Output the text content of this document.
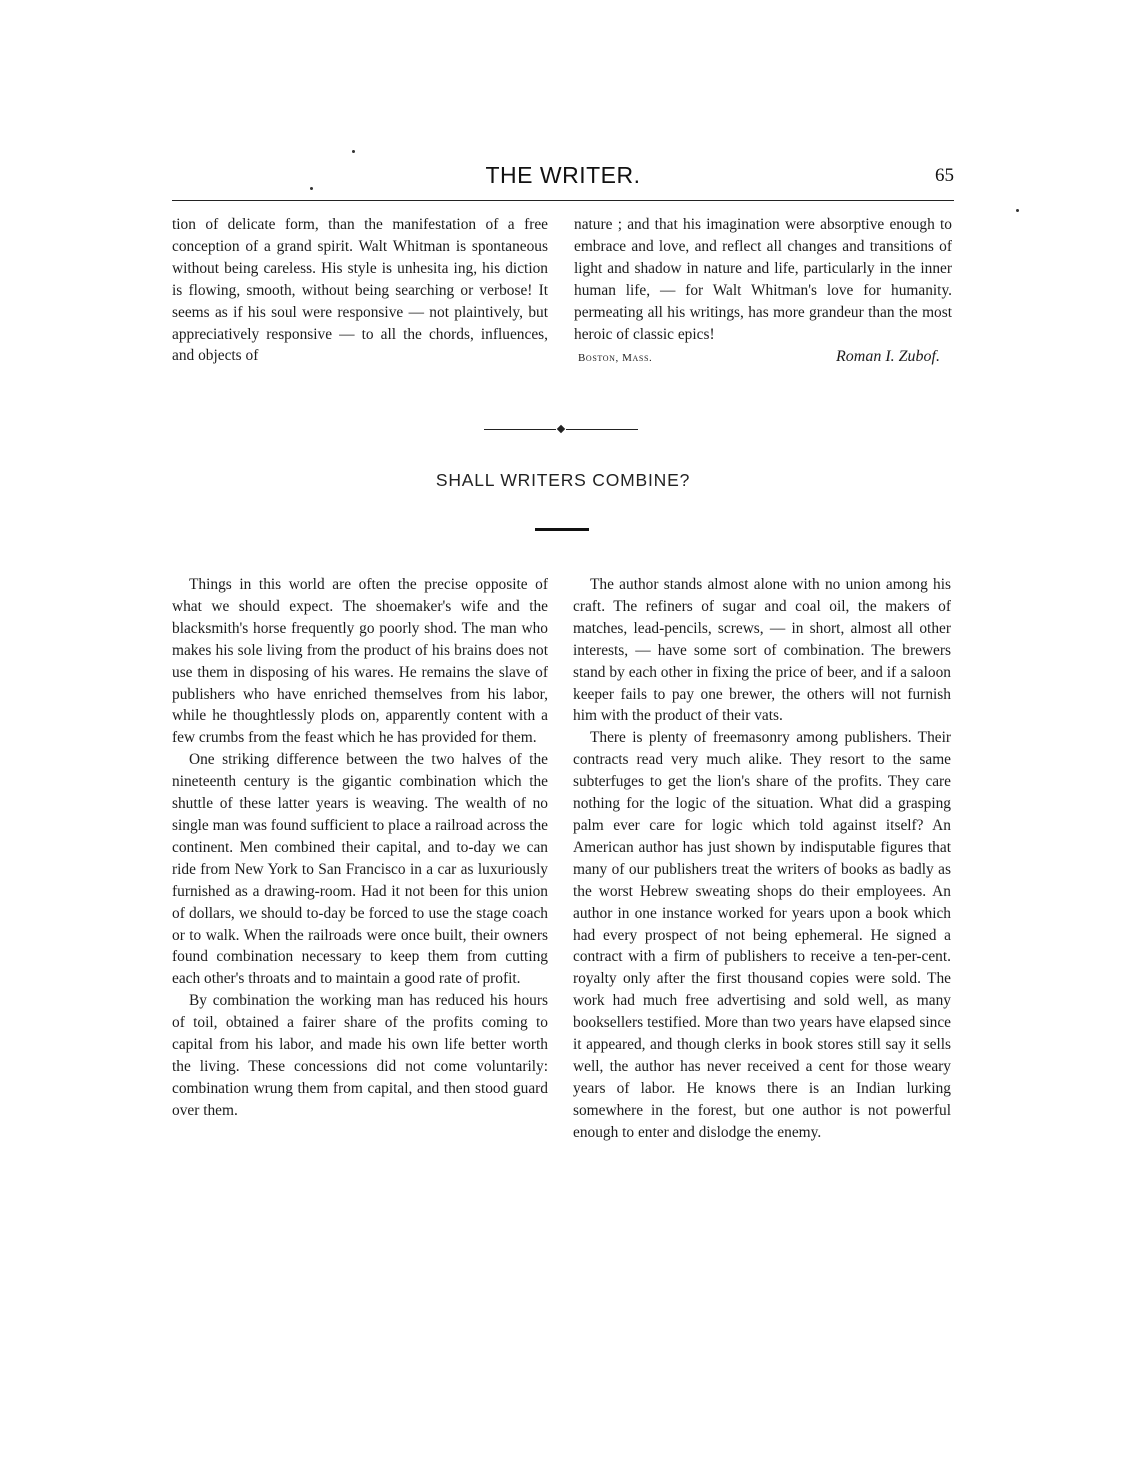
THE WRITER.	65

tion of delicate form, than the manifestation of a free conception of a grand spirit. Walt Whitman is spontaneous without being careless. His style is unhesita ing, his diction is flowing, smooth, without being searching or verbose! It seems as if his soul were responsive — not plaintively, but appreciatively responsive — to all the chords, influences, and objects of

nature ; and that his imagination were absorptive enough to embrace and love, and reflect all changes and transitions of light and shadow in nature and life, particularly in the inner human life, — for Walt Whitman's love for humanity. permeating all his writings, has more grandeur than the most heroic of classic epics!

Boston, Mass.	Roman I. Zubof.
SHALL WRITERS COMBINE?

Things in this world are often the precise opposite of what we should expect. The shoemaker's wife and the blacksmith's horse frequently go poorly shod. The man who makes his sole living from the product of his brains does not use them in disposing of his wares. He remains the slave of publishers who have enriched themselves from his labor, while he thoughtlessly plods on, apparently content with a few crumbs from the feast which he has provided for them.

One striking difference between the two halves of the nineteenth century is the gigantic combination which the shuttle of these latter years is weaving. The wealth of no single man was found sufficient to place a railroad across the continent. Men combined their capital, and to-day we can ride from New York to San Francisco in a car as luxuriously furnished as a drawing-room. Had it not been for this union of dollars, we should to-day be forced to use the stage coach or to walk. When the railroads were once built, their owners found combination necessary to keep them from cutting each other's throats and to maintain a good rate of profit.

By combination the working man has reduced his hours of toil, obtained a fairer share of the profits coming to capital from his labor, and made his own life better worth the living. These concessions did not come voluntarily: combination wrung them from capital, and then stood guard over them.

The author stands almost alone with no union among his craft. The refiners of sugar and coal oil, the makers of matches, lead-pencils, screws, — in short, almost all other interests, — have some sort of combination. The brewers stand by each other in fixing the price of beer, and if a saloon keeper fails to pay one brewer, the others will not furnish him with the product of their vats.

There is plenty of freemasonry among publishers. Their contracts read very much alike. They resort to the same subterfuges to get the lion's share of the profits. They care nothing for the logic of the situation. What did a grasping palm ever care for logic which told against itself? An American author has just shown by indisputable figures that many of our publishers treat the writers of books as badly as the worst Hebrew sweating shops do their employees. An author in one instance worked for years upon a book which had every prospect of not being ephemeral. He signed a contract with a firm of publishers to receive a ten-per-cent. royalty only after the first thousand copies were sold. The work had much free advertising and sold well, as many booksellers testified. More than two years have elapsed since it appeared, and though clerks in book stores still say it sells well, the author has never received a cent for those weary years of labor. He knows there is an Indian lurking somewhere in the forest, but one author is not powerful enough to enter and dislodge the enemy.
